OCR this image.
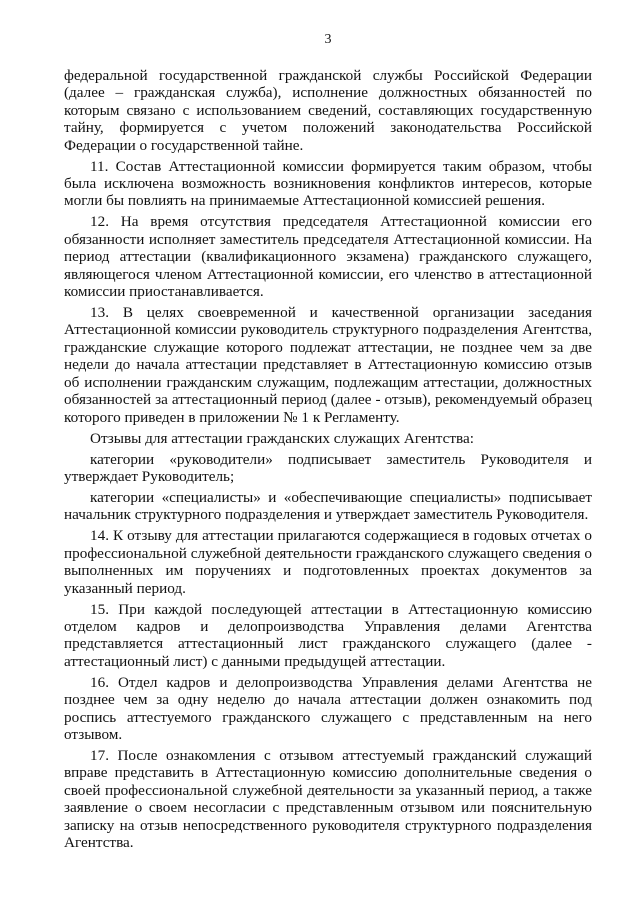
3

федеральной государственной гражданской службы Российской Федерации (далее – гражданская служба), исполнение должностных обязанностей по которым связано с использованием сведений, составляющих государственную тайну, формируется с учетом положений законодательства Российской Федерации о государственной тайне.

11. Состав Аттестационной комиссии формируется таким образом, чтобы была исключена возможность возникновения конфликтов интересов, которые могли бы повлиять на принимаемые Аттестационной комиссией решения.

12. На время отсутствия председателя Аттестационной комиссии его обязанности исполняет заместитель председателя Аттестационной комиссии. На период аттестации (квалификационного экзамена) гражданского служащего, являющегося членом Аттестационной комиссии, его членство в аттестационной комиссии приостанавливается.

13. В целях своевременной и качественной организации заседания Аттестационной комиссии руководитель структурного подразделения Агентства, гражданские служащие которого подлежат аттестации, не позднее чем за две недели до начала аттестации представляет в Аттестационную комиссию отзыв об исполнении гражданским служащим, подлежащим аттестации, должностных обязанностей за аттестационный период (далее - отзыв), рекомендуемый образец которого приведен в приложении № 1 к Регламенту.

Отзывы для аттестации гражданских служащих Агентства:

категории «руководители» подписывает заместитель Руководителя и утверждает Руководитель;

категории «специалисты» и «обеспечивающие специалисты» подписывает начальник структурного подразделения и утверждает заместитель Руководителя.

14. К отзыву для аттестации прилагаются содержащиеся в годовых отчетах о профессиональной служебной деятельности гражданского служащего сведения о выполненных им поручениях и подготовленных проектах документов за указанный период.

15. При каждой последующей аттестации в Аттестационную комиссию отделом кадров и делопроизводства Управления делами Агентства представляется аттестационный лист гражданского служащего (далее - аттестационный лист) с данными предыдущей аттестации.

16. Отдел кадров и делопроизводства Управления делами Агентства не позднее чем за одну неделю до начала аттестации должен ознакомить под роспись аттестуемого гражданского служащего с представленным на него отзывом.

17. После ознакомления с отзывом аттестуемый гражданский служащий вправе представить в Аттестационную комиссию дополнительные сведения о своей профессиональной служебной деятельности за указанный период, а также заявление о своем несогласии с представленным отзывом или пояснительную записку на отзыв непосредственного руководителя структурного подразделения Агентства.
